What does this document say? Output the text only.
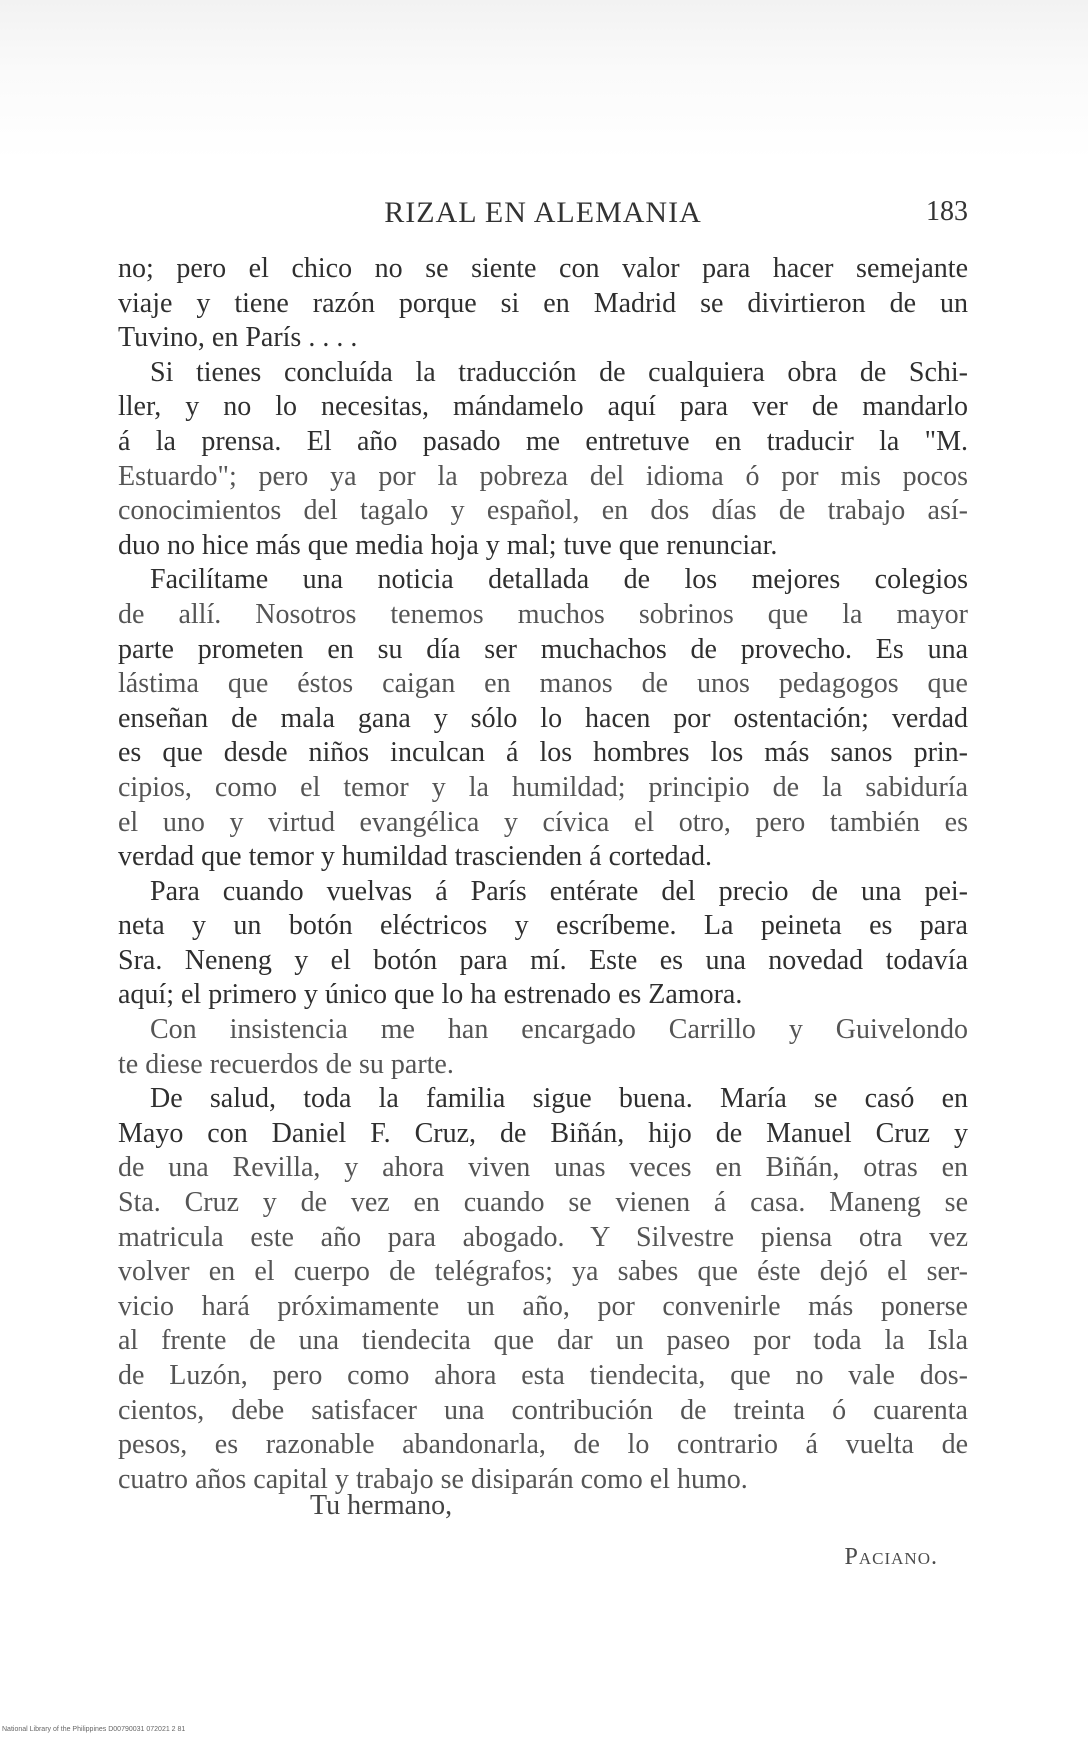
RIZAL EN ALEMANIA	183
no; pero el chico no se siente con valor para hacer semejante
viaje y tiene razón porque si en Madrid se divirtieron de un
Tuvino, en París . . . .
Si tienes concluída la traducción de cualquiera obra de Schi-
ller, y no lo necesitas, mándamelo aquí para ver de mandarlo
á la prensa. El año pasado me entretuve en traducir la "M.
Estuardo"; pero ya por la pobreza del idioma ó por mis pocos
conocimientos del tagalo y español, en dos días de trabajo así-
duo no hice más que media hoja y mal; tuve que renunciar.
Facilítame una noticia detallada de los mejores colegios
de allí. Nosotros tenemos muchos sobrinos que la mayor
parte prometen en su día ser muchachos de provecho. Es una
lástima que éstos caigan en manos de unos pedagogos que
enseñan de mala gana y sólo lo hacen por ostentación; verdad
es que desde niños inculcan á los hombres los más sanos prin-
cipios, como el temor y la humildad; principio de la sabiduría
el uno y virtud evangélica y cívica el otro, pero también es
verdad que temor y humildad trascienden á cortedad.
Para cuando vuelvas á París entérate del precio de una pei-
neta y un botón eléctricos y escríbeme. La peineta es para
Sra. Neneng y el botón para mí. Este es una novedad todavía
aquí; el primero y único que lo ha estrenado es Zamora.
Con insistencia me han encargado Carrillo y Guivelondo
te diese recuerdos de su parte.
De salud, toda la familia sigue buena. María se casó en
Mayo con Daniel F. Cruz, de Biñán, hijo de Manuel Cruz y
de una Revilla, y ahora viven unas veces en Biñán, otras en
Sta. Cruz y de vez en cuando se vienen á casa. Maneng se
matricula este año para abogado. Y Silvestre piensa otra vez
volver en el cuerpo de telégrafos; ya sabes que éste dejó el ser-
vicio hará próximamente un año, por convenirle más ponerse
al frente de una tiendecita que dar un paseo por toda la Isla
de Luzón, pero como ahora esta tiendecita, que no vale dos-
cientos, debe satisfacer una contribución de treinta ó cuarenta
pesos, es razonable abandonarla, de lo contrario á vuelta de
cuatro años capital y trabajo se disiparán como el humo.
Tu hermano,
Paciano.
National Library of the Philippines D00790031 072021 2 81
